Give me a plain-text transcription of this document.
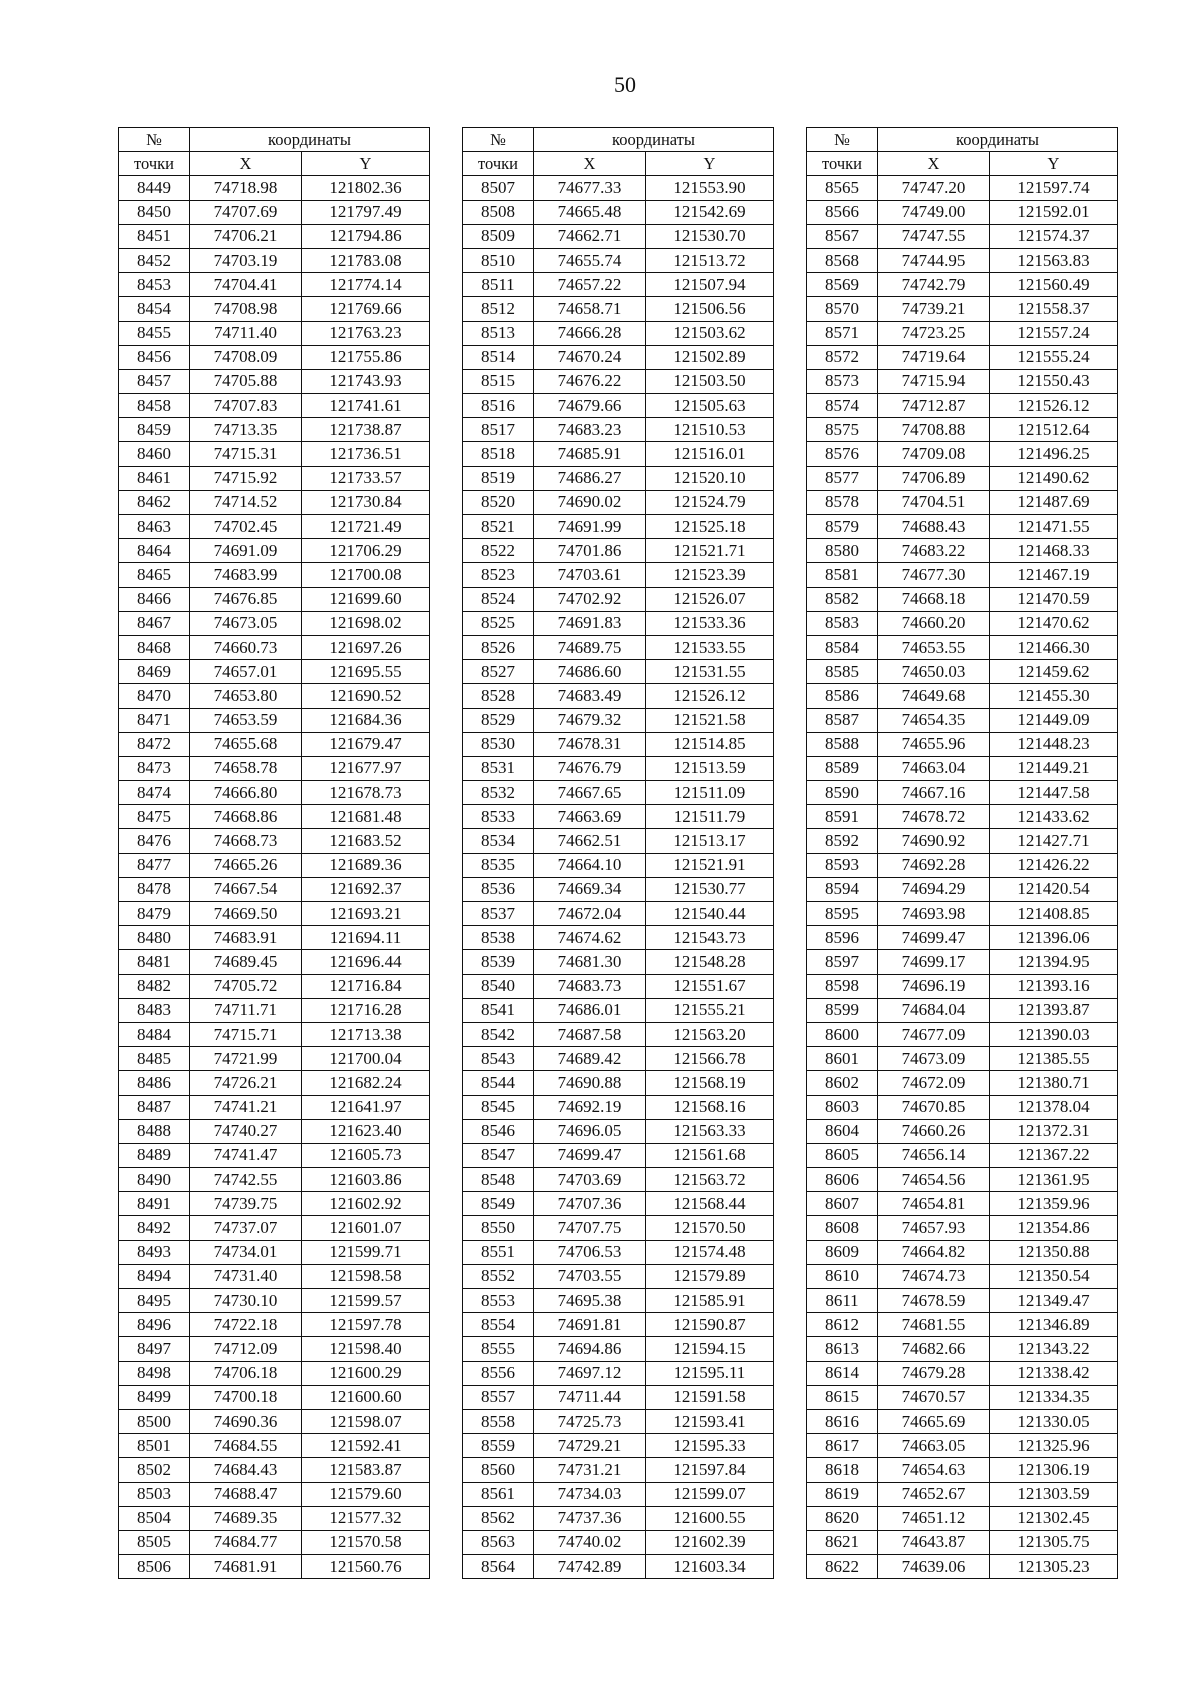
50
№	координаты	
точки	X	Y
8449	74718.98	121802.36
8450	74707.69	121797.49
8451	74706.21	121794.86
8452	74703.19	121783.08
8453	74704.41	121774.14
8454	74708.98	121769.66
8455	74711.40	121763.23
8456	74708.09	121755.86
8457	74705.88	121743.93
8458	74707.83	121741.61
8459	74713.35	121738.87
8460	74715.31	121736.51
8461	74715.92	121733.57
8462	74714.52	121730.84
8463	74702.45	121721.49
8464	74691.09	121706.29
8465	74683.99	121700.08
8466	74676.85	121699.60
8467	74673.05	121698.02
8468	74660.73	121697.26
8469	74657.01	121695.55
8470	74653.80	121690.52
8471	74653.59	121684.36
8472	74655.68	121679.47
8473	74658.78	121677.97
8474	74666.80	121678.73
8475	74668.86	121681.48
8476	74668.73	121683.52
8477	74665.26	121689.36
8478	74667.54	121692.37
8479	74669.50	121693.21
8480	74683.91	121694.11
8481	74689.45	121696.44
8482	74705.72	121716.84
8483	74711.71	121716.28
8484	74715.71	121713.38
8485	74721.99	121700.04
8486	74726.21	121682.24
8487	74741.21	121641.97
8488	74740.27	121623.40
8489	74741.47	121605.73
8490	74742.55	121603.86
8491	74739.75	121602.92
8492	74737.07	121601.07
8493	74734.01	121599.71
8494	74731.40	121598.58
8495	74730.10	121599.57
8496	74722.18	121597.78
8497	74712.09	121598.40
8498	74706.18	121600.29
8499	74700.18	121600.60
8500	74690.36	121598.07
8501	74684.55	121592.41
8502	74684.43	121583.87
8503	74688.47	121579.60
8504	74689.35	121577.32
8505	74684.77	121570.58
8506	74681.91	121560.76
№	координаты	
точки	X	Y
8507	74677.33	121553.90
8508	74665.48	121542.69
8509	74662.71	121530.70
8510	74655.74	121513.72
8511	74657.22	121507.94
8512	74658.71	121506.56
8513	74666.28	121503.62
8514	74670.24	121502.89
8515	74676.22	121503.50
8516	74679.66	121505.63
8517	74683.23	121510.53
8518	74685.91	121516.01
8519	74686.27	121520.10
8520	74690.02	121524.79
8521	74691.99	121525.18
8522	74701.86	121521.71
8523	74703.61	121523.39
8524	74702.92	121526.07
8525	74691.83	121533.36
8526	74689.75	121533.55
8527	74686.60	121531.55
8528	74683.49	121526.12
8529	74679.32	121521.58
8530	74678.31	121514.85
8531	74676.79	121513.59
8532	74667.65	121511.09
8533	74663.69	121511.79
8534	74662.51	121513.17
8535	74664.10	121521.91
8536	74669.34	121530.77
8537	74672.04	121540.44
8538	74674.62	121543.73
8539	74681.30	121548.28
8540	74683.73	121551.67
8541	74686.01	121555.21
8542	74687.58	121563.20
8543	74689.42	121566.78
8544	74690.88	121568.19
8545	74692.19	121568.16
8546	74696.05	121563.33
8547	74699.47	121561.68
8548	74703.69	121563.72
8549	74707.36	121568.44
8550	74707.75	121570.50
8551	74706.53	121574.48
8552	74703.55	121579.89
8553	74695.38	121585.91
8554	74691.81	121590.87
8555	74694.86	121594.15
8556	74697.12	121595.11
8557	74711.44	121591.58
8558	74725.73	121593.41
8559	74729.21	121595.33
8560	74731.21	121597.84
8561	74734.03	121599.07
8562	74737.36	121600.55
8563	74740.02	121602.39
8564	74742.89	121603.34
№	координаты	
точки	X	Y
8565	74747.20	121597.74
8566	74749.00	121592.01
8567	74747.55	121574.37
8568	74744.95	121563.83
8569	74742.79	121560.49
8570	74739.21	121558.37
8571	74723.25	121557.24
8572	74719.64	121555.24
8573	74715.94	121550.43
8574	74712.87	121526.12
8575	74708.88	121512.64
8576	74709.08	121496.25
8577	74706.89	121490.62
8578	74704.51	121487.69
8579	74688.43	121471.55
8580	74683.22	121468.33
8581	74677.30	121467.19
8582	74668.18	121470.59
8583	74660.20	121470.62
8584	74653.55	121466.30
8585	74650.03	121459.62
8586	74649.68	121455.30
8587	74654.35	121449.09
8588	74655.96	121448.23
8589	74663.04	121449.21
8590	74667.16	121447.58
8591	74678.72	121433.62
8592	74690.92	121427.71
8593	74692.28	121426.22
8594	74694.29	121420.54
8595	74693.98	121408.85
8596	74699.47	121396.06
8597	74699.17	121394.95
8598	74696.19	121393.16
8599	74684.04	121393.87
8600	74677.09	121390.03
8601	74673.09	121385.55
8602	74672.09	121380.71
8603	74670.85	121378.04
8604	74660.26	121372.31
8605	74656.14	121367.22
8606	74654.56	121361.95
8607	74654.81	121359.96
8608	74657.93	121354.86
8609	74664.82	121350.88
8610	74674.73	121350.54
8611	74678.59	121349.47
8612	74681.55	121346.89
8613	74682.66	121343.22
8614	74679.28	121338.42
8615	74670.57	121334.35
8616	74665.69	121330.05
8617	74663.05	121325.96
8618	74654.63	121306.19
8619	74652.67	121303.59
8620	74651.12	121302.45
8621	74643.87	121305.75
8622	74639.06	121305.23
